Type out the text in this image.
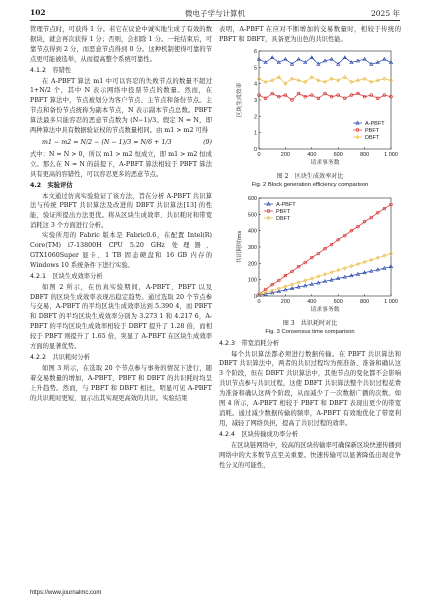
102	微电子学与计算机	2025 年

管理节点时，可获得 1 分。若它在议论中诚实地生成了有效的数据块，就会再次获得 1 分；否则，会扣除 1 分。一轮结束后，可靠节点得到 2 分，而恶意节点得到 0 分。这种机制使得可靠的节点更可能被选举，从而提高整个系统可靠性。

4.1.2　容错性

在 A-PBFT 算法 m1 中可以容忍的失败节点的数量不超过 1+N/2 个，其中 N 表示网络中投票节点的数量。然而，在 PBFT 算法中，节点被划分为客户节点、主节点和备份节点。主节点和备份节点统称为副本节点，N 表示副本节点总数。PBFT 算法最多只能容忍的恶意节点数为 (N−1)/3。假定 N = N，即两种算法中具有数据验证权的节点数量相同。由 m1 > m2 可得

m1 − m2 = N/2 − (N − 1)/3 = N/6 + 1/3	(9)

式中：N = N > 0，所以 m1 > m2 恒成立，即 m1 > m2 恒成立。那么在 N = N 的前提下，A-PBFT 算法相较于 PBFT 算法具有更高的容错性，可以容忍更多的恶意节点。

4.2　实验评估

本文通过仿真实验验证了该方法，旨在分析 A-PBFT 共识算法与传统 PBFT 共识算法及改进的 DBFT 共识算法[13] 的性能，验证所提出方法更优。将从区块生成效率、共识耗时和带宽消耗这 3 个方面进行分析。

实验所用的 Fabric 版本是 Fabric0.6，在配置 Intel(R) Core(TM) i7-13800H CPU 5.20 GHz 处理器、GTX1060Super 显卡、1 TB 固态硬盘和 16 GB 内存的 Windows 10 系统条件下进行实验。

4.2.1　区块生成效率分析

如图 2 所示，在仿真实验期间，A-PBFT、PBFT 以及 DBFT 的区块生成效率表现出稳定趋势。通过选取 20 个节点参与交易，A-PBFT 的平均区块生成效率达到 5.390 4，而 PBFT 和 DBFT 的平均区块生成效率分别为 3.273 1 和 4.217 6，A-PBFT 的平均区块生成效率相较于 DBFT 提升了 1.28 倍，而相较于 PBFT 则提升了 1.65 倍，突显了 A-PBFT 在区块生成效率方面的显著优势。

4.2.2　共识耗时分析

如图 3 所示，在选取 20 个节点参与事务的情况下进行，随着交易数量的增加，A-PBFT、PBFT 和 DBFT 的共识耗时均呈上升趋势。然而，与 PBFT 和 DBFT 相比，明显可见 A-PBFT 的共识耗时更短，显示出其实现更高效的共识。实验结果

表明，A-PBFT 在应对不断增加的交易数量时，相较于传统的 PBFT 和 DBFT，具备更为出色的共识性能。

0	200	400	600	800	1 000
0
1
2
3
4
5
6
请求事务数
区块生成效率
A-PBFT
PBFT
DBFT
图 2　区块生成效率对比
Fig. 2 Block generation efficiency comparison
0	200	400	600	800	1 000
0
100
200
300
400
500
600
请求事务数
共识耗时/ms
A-PBFT
PBFT
DBFT
图 3　共识耗时对比
Fig. 3 Consensus time comparison
4.2.3　带宽消耗分析

每个共识算法都必须进行数据传输。在 PBFT 共识算法和 DBFT 共识算法中，两者的共识过程均为预准备、准备和确认这 3 个阶段，但在 DBFT 共识算法中，其他节点的变化都不会影响共识节点参与共识过程，这使 DBFT 共识算法整个共识过程花费为准备和确认这两个阶段，从而减少了一次数据广播的次数。如图 4 所示，A-PBFT 相较于 PBFT 和 DBFT 表现出更少的带宽消耗。通过减少数据传输的频率，A-PBFT 有效地优化了带宽利用，减轻了网络负担，提高了共识过程的效率。

4.2.4　区块传输成功率分析

在区块链网络中，较高的区块传输率可确保新区块快速传播到网络中的大多数节点至关重要。快速传输可以显著降低出现竞争性分叉的可能性，

https://www.journalmc.com
